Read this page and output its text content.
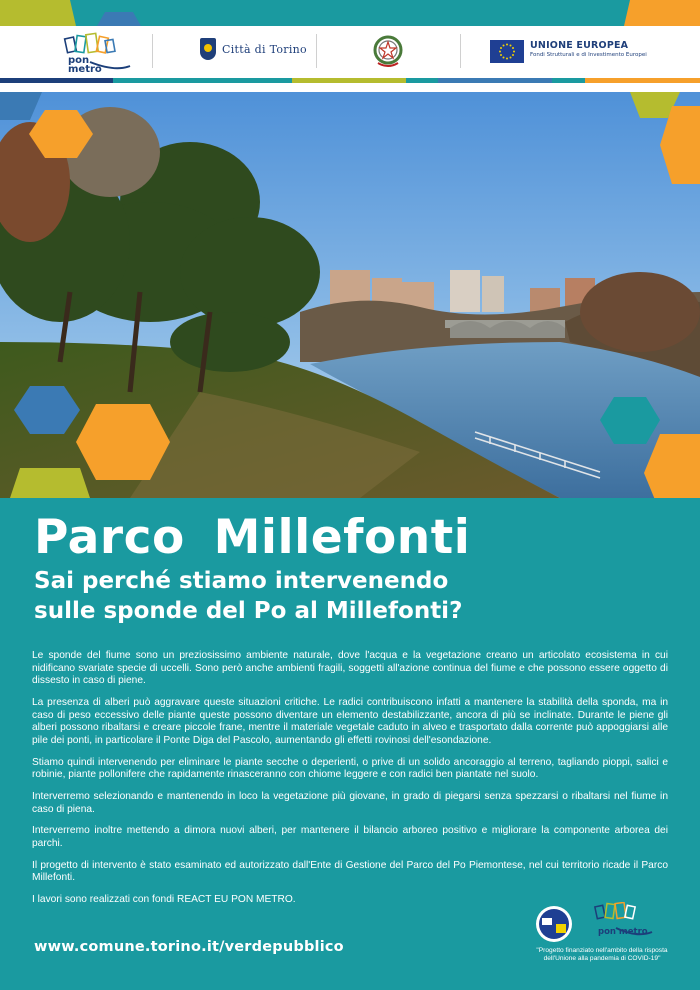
pon metro
Città di Torino	UNIONE EUROPEA
Fondi Strutturali e di Investimento Europei
Parco Millefonti
Sai perché stiamo intervenendo
sulle sponde del Po al Millefonti?

Le sponde del fiume sono un preziosissimo ambiente naturale, dove l'acqua e la vegetazione creano un articolato ecosistema in cui nidificano svariate specie di uccelli. Sono però anche ambienti fragili, soggetti all'azione continua del fiume e che possono essere oggetto di dissesto in caso di piene.

La presenza di alberi può aggravare queste situazioni critiche. Le radici contribuiscono infatti a mantenere la stabilità della sponda, ma in caso di peso eccessivo delle piante queste possono diventare un elemento destabilizzante, ancora di più se inclinate. Durante le piene gli alberi possono ribaltarsi e creare piccole frane, mentre il materiale vegetale caduto in alveo e trasportato dalla corrente può appoggiarsi alle pile dei ponti, in particolare il Ponte Diga del Pascolo, aumentando gli effetti rovinosi dell'esondazione.

Stiamo quindi intervenendo per eliminare le piante secche o deperienti, o prive di un solido ancoraggio al terreno, tagliando pioppi, salici e robinie, piante pollonifere che rapidamente rinasceranno con chiome leggere e con radici ben piantate nel suolo.

Interverremo selezionando e mantenendo in loco la vegetazione più giovane, in grado di piegarsi senza spezzarsi o ribaltarsi nel fiume in caso di piena.

Interverremo inoltre mettendo a dimora nuovi alberi, per mantenere il bilancio arboreo positivo e migliorare la componente arborea dei parchi.

Il progetto di intervento è stato esaminato ed autorizzato dall'Ente di Gestione del Parco del Po Piemontese, nel cui territorio ricade il Parco Millefonti.

I lavori sono realizzati con fondi REACT EU PON METRO.

www.comune.torino.it/verdepubblico
pon metro
"Progetto finanziato nell'ambito della risposta
dell'Unione alla pandemia di COVID-19"
